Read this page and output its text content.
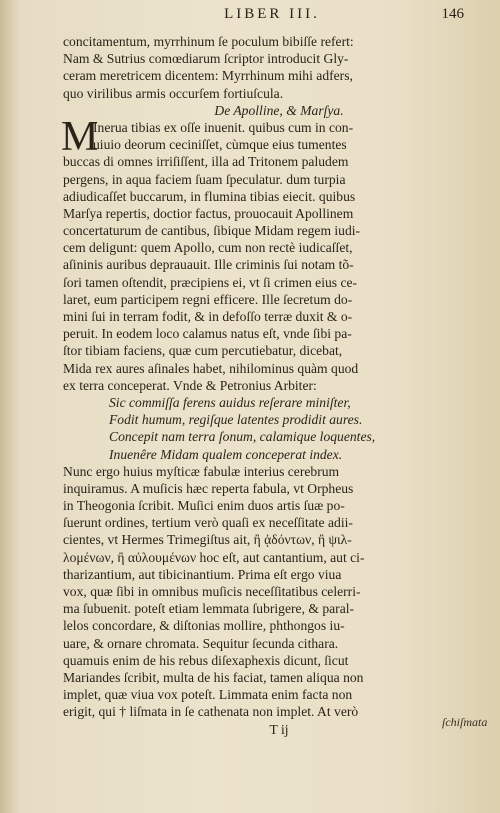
LIBER III.	146
concitamentum, myrrhinum ſe poculum bibiſſe refert:
Nam & Sutrius comœdiarum ſcriptor introducit Gly-
ceram meretricem dicentem: Myrrhinum mihi adfers,
quo virilibus armis occurſem fortiuſcula.
De Apolline, & Marſya.
M
Inerua tibias ex oſſe inuenit. quibus cum in con-
uiuio deorum ceciniſſet, cùmque eius tumentes
buccas di omnes irriſiſſent, illa ad Tritonem paludem
pergens, in aqua faciem ſuam ſpeculatur. dum turpia
adiudicaſſet buccarum, in flumina tibias eiecit. quibus
Marſya repertis, doctior factus, prouocauit Apollinem
concertaturum de cantibus, ſibique Midam regem iudi-
cem deligunt: quem Apollo, cum non rectè iudicaſſet,
aſininis auribus deprauauit. Ille criminis ſui notam tõ-
ſori tamen oſtendit, præcipiens ei, vt ſi crimen eius ce-
laret, eum participem regni efficere. Ille ſecretum do-
mini ſui in terram fodit, & in defoſſo terræ duxit & o-
peruit. In eodem loco calamus natus eſt, vnde ſibi pa-
ſtor tibiam faciens, quæ cum percutiebatur, dicebat,
Mida rex aures aſinales habet, nihilominus quàm quod
ex terra conceperat. Vnde & Petronius Arbiter:
Sic commiſſa ferens auidus reſerare miniſter,
Fodit humum, regiſque latentes prodidit aures.
Concepit nam terra ſonum, calamique loquentes,
Inuenêre Midam qualem conceperat index.
Nunc ergo huius myſticæ fabulæ interius cerebrum
inquiramus. A muſicis hæc reperta fabula, vt Orpheus
in Theogonia ſcribit. Muſici enim duos artis ſuæ po-
ſuerunt ordines, tertium verò quaſi ex neceſſitate adii-
cientes, vt Hermes Trimegiſtus ait, ἢ ᾀδόντων, ἢ ψιλ-
λομένων, ἢ αὐλουμένων hoc eſt, aut cantantium, aut ci-
tharizantium, aut tibicinantium. Prima eſt ergo viua
vox, quæ ſibi in omnibus muſicis neceſſitatibus celerri-
ma ſubuenit. poteſt etiam lemmata ſubrigere, & paral-
lelos concordare, & diſtonias mollire, phthongos iu-
uare, & ornare chromata. Sequitur ſecunda cithara.
quamuis enim de his rebus diſexaphexis dicunt, ſicut
Mariandes ſcribit, multa de his faciat, tamen aliqua non
implet, quæ viua vox poteſt. Limmata enim facta non
erigit, qui † liſmata in ſe cathenata non implet. At verò
T ij	ſchiſmata
